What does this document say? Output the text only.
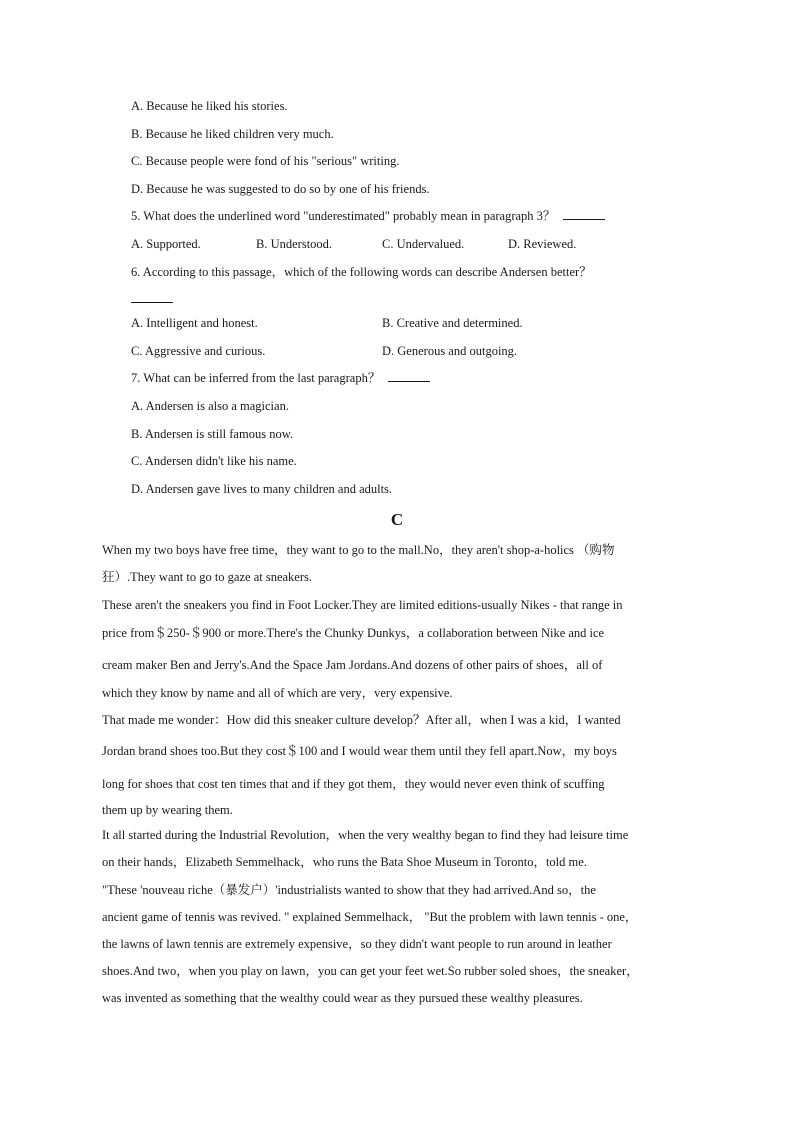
A. Because he liked his stories.
B. Because he liked children very much.
C. Because people were fond of his "serious" writing.
D. Because he was suggested to do so by one of his friends.
5. What does the underlined word "underestimated" probably mean in paragraph 3？
A. Supported.	B. Understood.	C. Undervalued.	D. Reviewed.
6. According to this passage，which of the following words can describe Andersen better？
A. Intelligent and honest.	B. Creative and determined.
C. Aggressive and curious.	D. Generous and outgoing.
7. What can be inferred from the last paragraph？
A. Andersen is also a magician.
B. Andersen is still famous now.
C. Andersen didn't like his name.
D. Andersen gave lives to many children and adults.
C
When my two boys have free time，they want to go to the mall.No，they aren't shop-a-holics （购物
狂）.They want to go to gaze at sneakers.
These aren't the sneakers you find in Foot Locker.They are limited editions-usually Nikes - that range in
price from＄250-＄900 or more.There's the Chunky Dunkys，a collaboration between Nike and ice
cream maker Ben and Jerry's.And the Space Jam Jordans.And dozens of other pairs of shoes，all of
which they know by name and all of which are very，very expensive.
That made me wonder：How did this sneaker culture develop？After all，when I was a kid，I wanted
Jordan brand shoes too.But they cost＄100 and I would wear them until they fell apart.Now，my boys
long for shoes that cost ten times that and if they got them，they would never even think of scuffing
them up by wearing them.
It all started during the Industrial Revolution，when the very wealthy began to find they had leisure time
on their hands，Elizabeth Semmelhack，who runs the Bata Shoe Museum in Toronto，told me.
"These 'nouveau riche（暴发户）'industrialists wanted to show that they had arrived.And so，the
ancient game of tennis was revived. " explained Semmelhack， "But the problem with lawn tennis - one，
the lawns of lawn tennis are extremely expensive，so they didn't want people to run around in leather
shoes.And two，when you play on lawn，you can get your feet wet.So rubber soled shoes，the sneaker，
was invented as something that the wealthy could wear as they pursued these wealthy pleasures.
